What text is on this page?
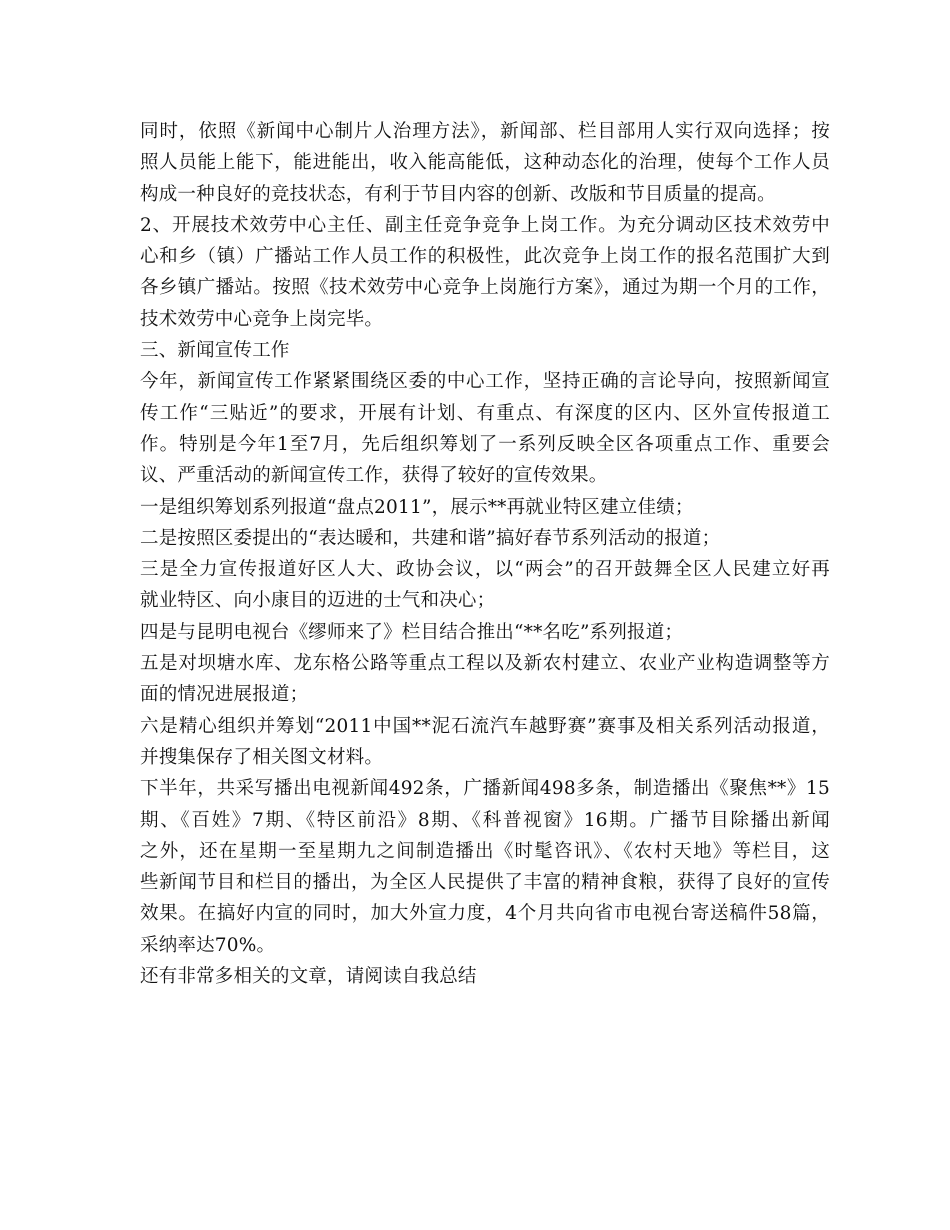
同时，依照《新闻中心制片人治理方法》，新闻部、栏目部用人实行双向选择；按
照人员能上能下，能进能出，收入能高能低，这种动态化的治理，使每个工作人员
构成一种良好的竞技状态，有利于节目内容的创新、改版和节目质量的提高。
2、开展技术效劳中心主任、副主任竞争竞争上岗工作。为充分调动区技术效劳中
心和乡（镇）广播站工作人员工作的积极性，此次竞争上岗工作的报名范围扩大到
各乡镇广播站。按照《技术效劳中心竞争上岗施行方案》，通过为期一个月的工作，
技术效劳中心竞争上岗完毕。
三、新闻宣传工作
今年，新闻宣传工作紧紧围绕区委的中心工作，坚持正确的言论导向，按照新闻宣
传工作“三贴近”的要求，开展有计划、有重点、有深度的区内、区外宣传报道工
作。特别是今年1至7月，先后组织筹划了一系列反映全区各项重点工作、重要会
议、严重活动的新闻宣传工作，获得了较好的宣传效果。
一是组织筹划系列报道“盘点2011”，展示**再就业特区建立佳绩；
二是按照区委提出的“表达暖和，共建和谐”搞好春节系列活动的报道；
三是全力宣传报道好区人大、政协会议，以“两会”的召开鼓舞全区人民建立好再
就业特区、向小康目的迈进的士气和决心；
四是与昆明电视台《缪师来了》栏目结合推出“**名吃”系列报道；
五是对坝塘水库、龙东格公路等重点工程以及新农村建立、农业产业构造调整等方
面的情况进展报道；
六是精心组织并筹划“2011中国**泥石流汽车越野赛”赛事及相关系列活动报道，
并搜集保存了相关图文材料。
下半年，共采写播出电视新闻492条，广播新闻498多条，制造播出《聚焦**》15
期、《百姓》7期、《特区前沿》8期、《科普视窗》16期。广播节目除播出新闻
之外，还在星期一至星期九之间制造播出《时髦咨讯》、《农村天地》等栏目，这
些新闻节目和栏目的播出，为全区人民提供了丰富的精神食粮，获得了良好的宣传
效果。在搞好内宣的同时，加大外宣力度，4个月共向省市电视台寄送稿件58篇，
采纳率达70%。
还有非常多相关的文章，请阅读自我总结
